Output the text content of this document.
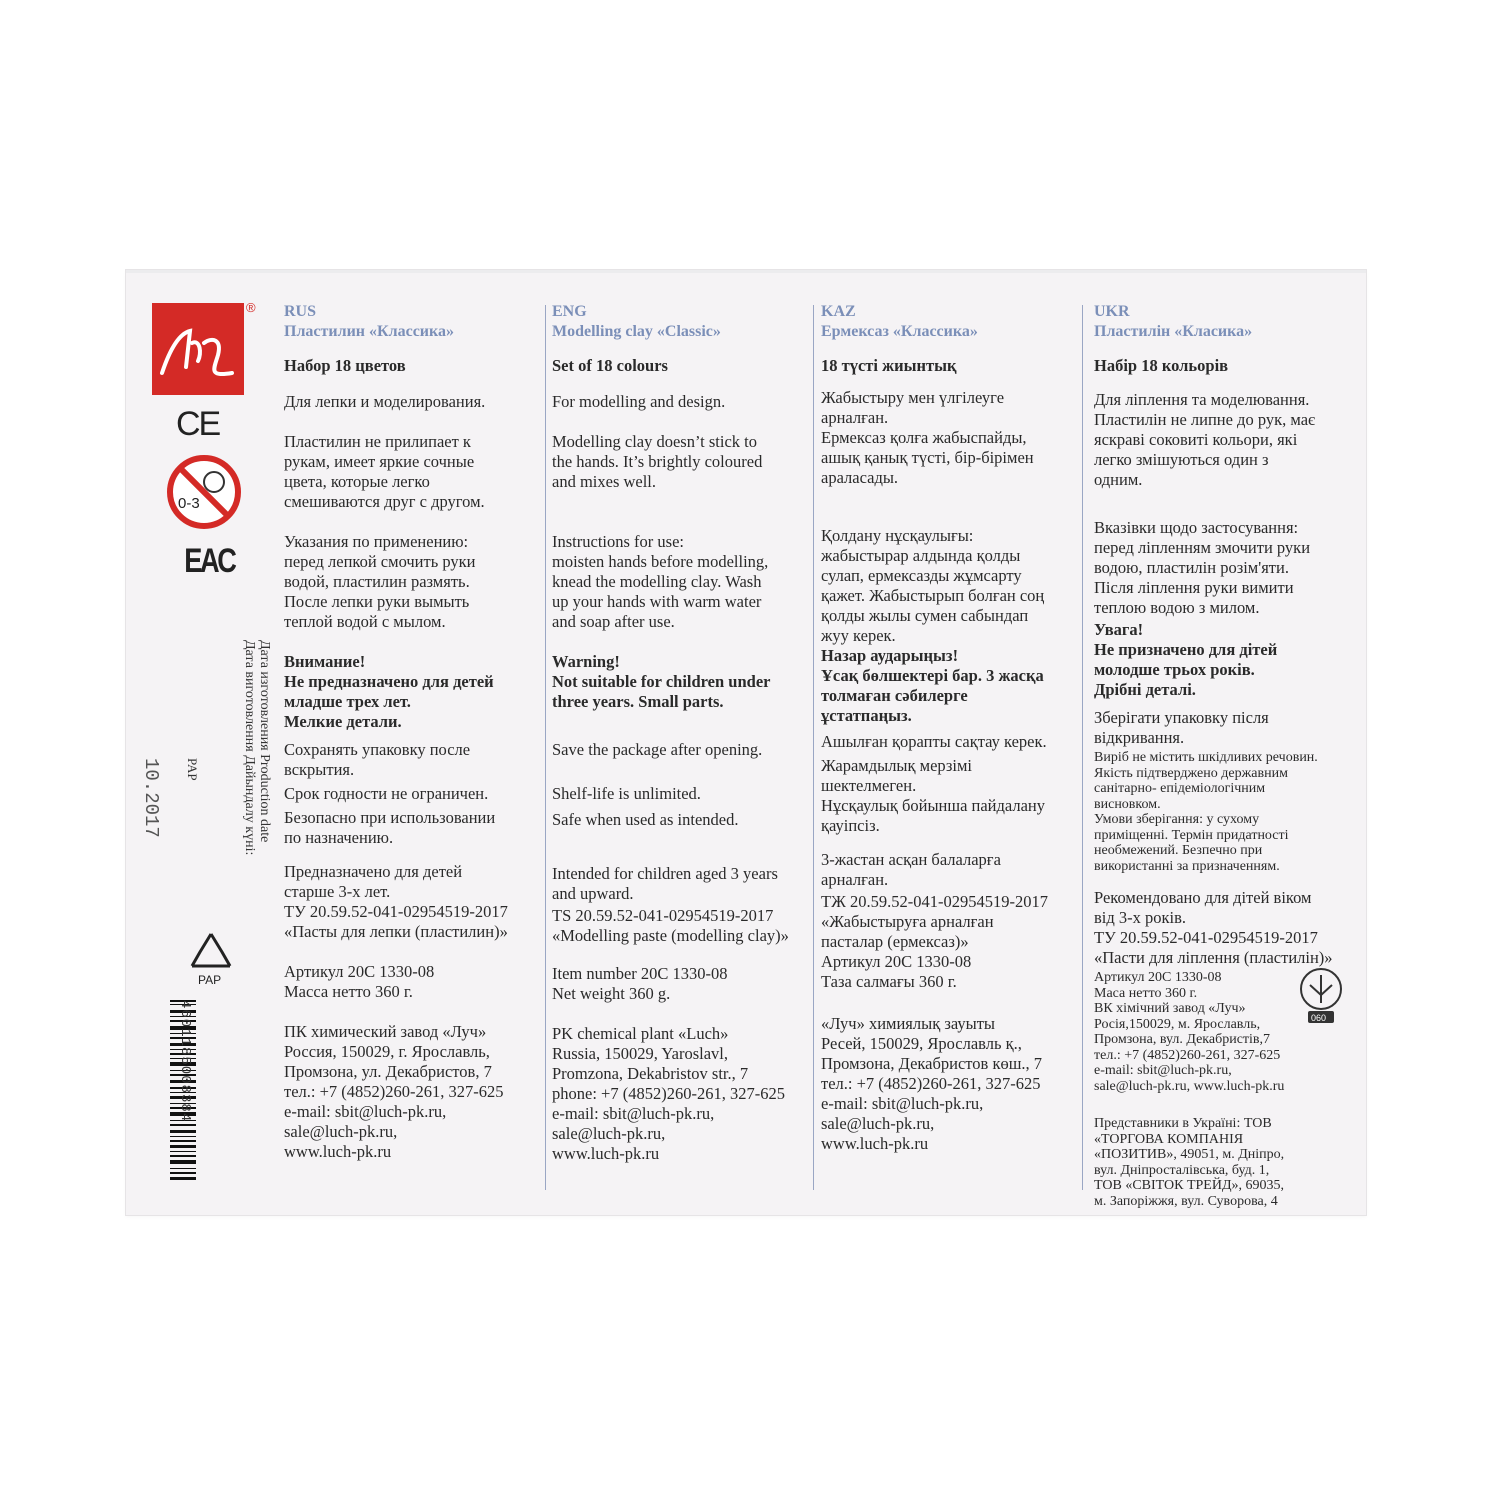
®
CE
0-3
EAC
PAP
Дата изготовления Production date
Дата виготовлення Дайындалу күні:
PAP
10.2017
4601185008384

RUS

Пластилин «Классика»

Набор 18 цветов

Для лепки и моделирования.

Пластилин не прилипает к
рукам, имеет яркие сочные
цвета, которые легко
смешиваются друг с другом.

Указания по применению:
перед лепкой смочить руки
водой, пластилин размять.
После лепки руки вымыть
теплой водой с мылом.

Внимание!
Не предназначено для детей
младше трех лет.
Мелкие детали.

Сохранять упаковку после
вскрытия.

Срок годности не ограничен.

Безопасно при использовании
по назначению.

Предназначено для детей
старше 3-х лет.

ТУ 20.59.52-041-02954519-2017
«Пасты для лепки (пластилин)»

Артикул 20С 1330-08
Масса нетто 360 г.

ПК химический завод «Луч»
Россия, 150029, г. Ярославль,
Промзона, ул. Декабристов, 7
тел.: +7 (4852)260-261, 327-625
e-mail: sbit@luch-pk.ru,
sale@luch-pk.ru,
www.luch-pk.ru

ENG

Modelling clay «Classic»

Set of 18 colours

For modelling and design.

Modelling clay doesn’t stick to
the hands. It’s brightly coloured
and mixes well.

Instructions for use:
moisten hands before modelling,
knead the modelling clay. Wash
up your hands with warm water
and soap after use.

Warning!
Not suitable for children under
three years. Small parts.

Save the package after opening.

Shelf-life is unlimited.

Safe when used as intended.

Intended for children aged 3 years
and upward.

TS 20.59.52-041-02954519-2017
«Modelling paste (modelling clay)»

Item number 20C 1330-08
Net weight 360 g.

PK chemical plant «Luch»
Russia, 150029, Yaroslavl,
Promzona, Dekabristov str., 7
phone: +7 (4852)260-261, 327-625
e-mail: sbit@luch-pk.ru,
sale@luch-pk.ru,
www.luch-pk.ru

KAZ

Ермексаз «Классика»

18 түсті жиынтық

Жабыстыру мен үлгілеуге
арналған.
Ермексаз қолға жабыспайды,
ашық қанық түсті, бір-бірімен
араласады.

Қолдану нұсқаулығы:
жабыстырар алдында қолды
сулап, ермексазды жұмсарту
қажет. Жабыстырып болған соң
қолды жылы сумен сабындап
жуу керек.

Назар аударыңыз!
Ұсақ бөлшектері бар. 3 жасқа
толмаған сәбилерге
ұстатпаңыз.

Ашылған қорапты сақтау керек.

Жарамдылық мерзімі
шектелмеген.

Нұсқаулық бойынша пайдалану
қауіпсіз.

3-жастан асқан балаларға
арналған.

ТЖ 20.59.52-041-02954519-2017
«Жабыстыруға арналған
пасталар (ермексаз)»
Артикул 20С 1330-08
Таза салмағы 360 г.

«Луч» химиялық зауыты
Ресей, 150029, Ярославль қ.,
Промзона, Декабристов көш., 7
тел.: +7 (4852)260-261, 327-625
e-mail: sbit@luch-pk.ru,
sale@luch-pk.ru,
www.luch-pk.ru

UKR

Пластилін «Класика»

Набір 18 кольорів

Для ліплення та моделювання.
Пластилін не липне до рук, має
яскраві соковиті кольори, які
легко змішуються один з
одним.

Вказівки щодо застосування:
перед ліпленням змочити руки
водою, пластилін розім'яти.
Після ліплення руки вимити
теплою водою з милом.

Увага!
Не призначено для дітей
молодше трьох років.
Дрібні деталі.

Зберігати упаковку після
відкривання.

Виріб не містить шкідливих речовин.
Якість підтверджено державним
санітарно- епідеміологічним
висновком.
Умови зберігання: у сухому
приміщенні. Термін придатності
необмежений. Безпечно при
використанні за призначенням.

Рекомендовано для дітей віком
від 3-х років.
ТУ 20.59.52-041-02954519-2017
«Пасти для ліплення (пластилін)»

Артикул 20С 1330-08
Маса нетто 360 г.
ВК хімічний завод «Луч»
Росія,150029, м. Ярославль,
Промзона, вул. Декабристів,7
тел.: +7 (4852)260-261, 327-625
e-mail: sbit@luch-pk.ru,
sale@luch-pk.ru, www.luch-pk.ru

Представники в Україні: ТОВ
«ТОРГОВА КОМПАНІЯ
«ПОЗИТИВ», 49051, м. Дніпро,
вул. Дніпросталівська, буд. 1,
ТОВ «СВІТОК ТРЕЙД», 69035,
м. Запоріжжя, вул. Суворова, 4

060
